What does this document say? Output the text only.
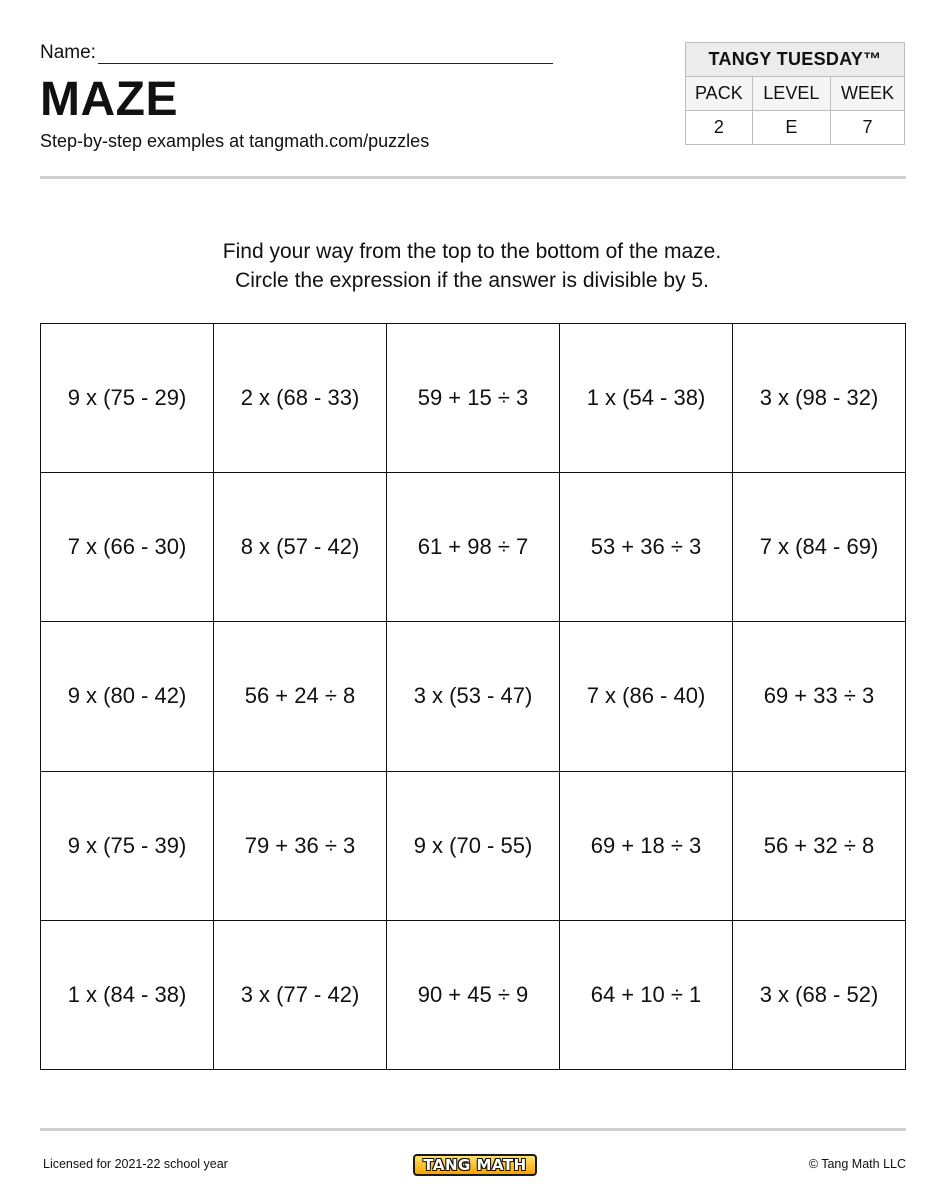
Name:
MAZE
Step-by-step examples at tangmath.com/puzzles
TANGY TUESDAY™		
PACK	LEVEL	WEEK
2	E	7
Find your way from the top to the bottom of the maze.
Circle the expression if the answer is divisible by 5.
9 x (75 - 29)	2 x (68 - 33)	59 + 15 ÷ 3	1 x (54 - 38)	3 x (98 - 32)
7 x (66 - 30)	8 x (57 - 42)	61 + 98 ÷ 7	53 + 36 ÷ 3	7 x (84 - 69)
9 x (80 - 42)	56 + 24 ÷ 8	3 x (53 - 47)	7 x (86 - 40)	69 + 33 ÷ 3
9 x (75 - 39)	79 + 36 ÷ 3	9 x (70 - 55)	69 + 18 ÷ 3	56 + 32 ÷ 8
1 x (84 - 38)	3 x (77 - 42)	90 + 45 ÷ 9	64 + 10 ÷ 1	3 x (68 - 52)
Licensed for 2021-22 school year	TANG MATH	© Tang Math LLC
